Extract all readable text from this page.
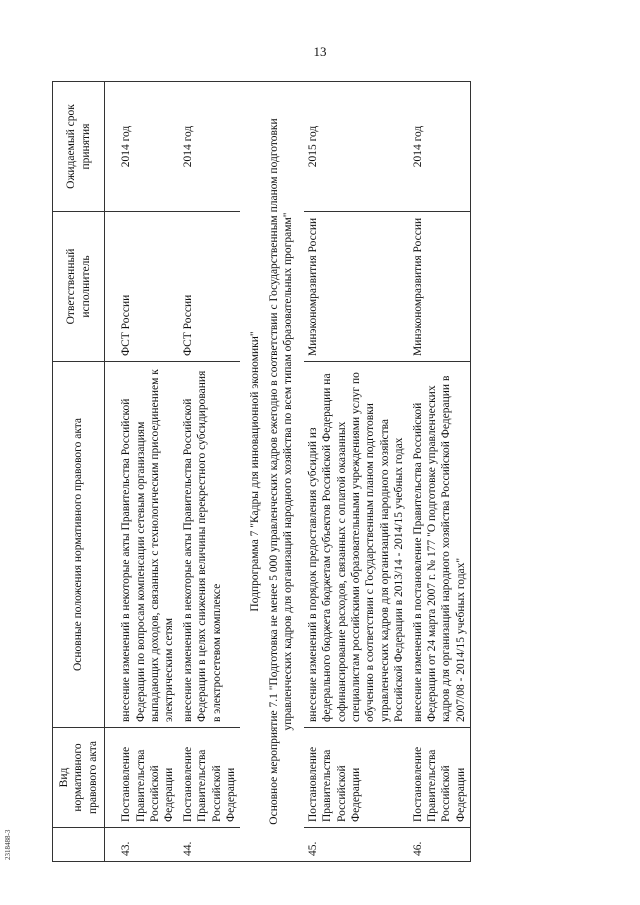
13
	Вид нормативного правового акта	Основные положения нормативного правового акта	Ответственный исполнитель	Ожидаемый срок принятия

43.	Постановление Правительства Российской Федерации	внесение изменений в некоторые акты Правительства Российской Федерации по вопросам компенсации сетевым организациям выпадающих доходов, связанных с технологическим присоединением к электрическим сетям	ФСТ России	2014 год
44.	Постановление Правительства Российской Федерации	внесение изменений в некоторые акты Правительства Российской Федерации в целях снижения величины перекрестного субсидирования в электросетевом комплексе	ФСТ России	2014 год

Подпрограмма 7 "Кадры для инновационной экономики" Основное мероприятие 7.1 "Подготовка не менее 5 000 управленческих кадров ежегодно в соответствии с Государственным планом подготовки управленческих кадров для организаций народного хозяйства по всем типам образовательных программ"				

45.	Постановление Правительства Российской Федерации	внесение изменений в порядок предоставления субсидий из федерального бюджета бюджетам субъектов Российской Федерации на софинансирование расходов, связанных с оплатой оказанных специалистам российскими образовательными учреждениями услуг по обучению в соответствии с Государственным планом подготовки управленческих кадров для организаций народного хозяйства Российской Федерации в 2013/14 - 2014/15 учебных годах	Минэкономразвития России	2015 год
46.	Постановление Правительства Российской Федерации	внесение изменений в постановление Правительства Российской Федерации от 24 марта 2007 г. № 177 "О подготовке управленческих кадров для организаций народного хозяйства Российской Федерации в 2007/08 - 2014/15 учебных годах"	Минэкономразвития России	2014 год
2318488-3
